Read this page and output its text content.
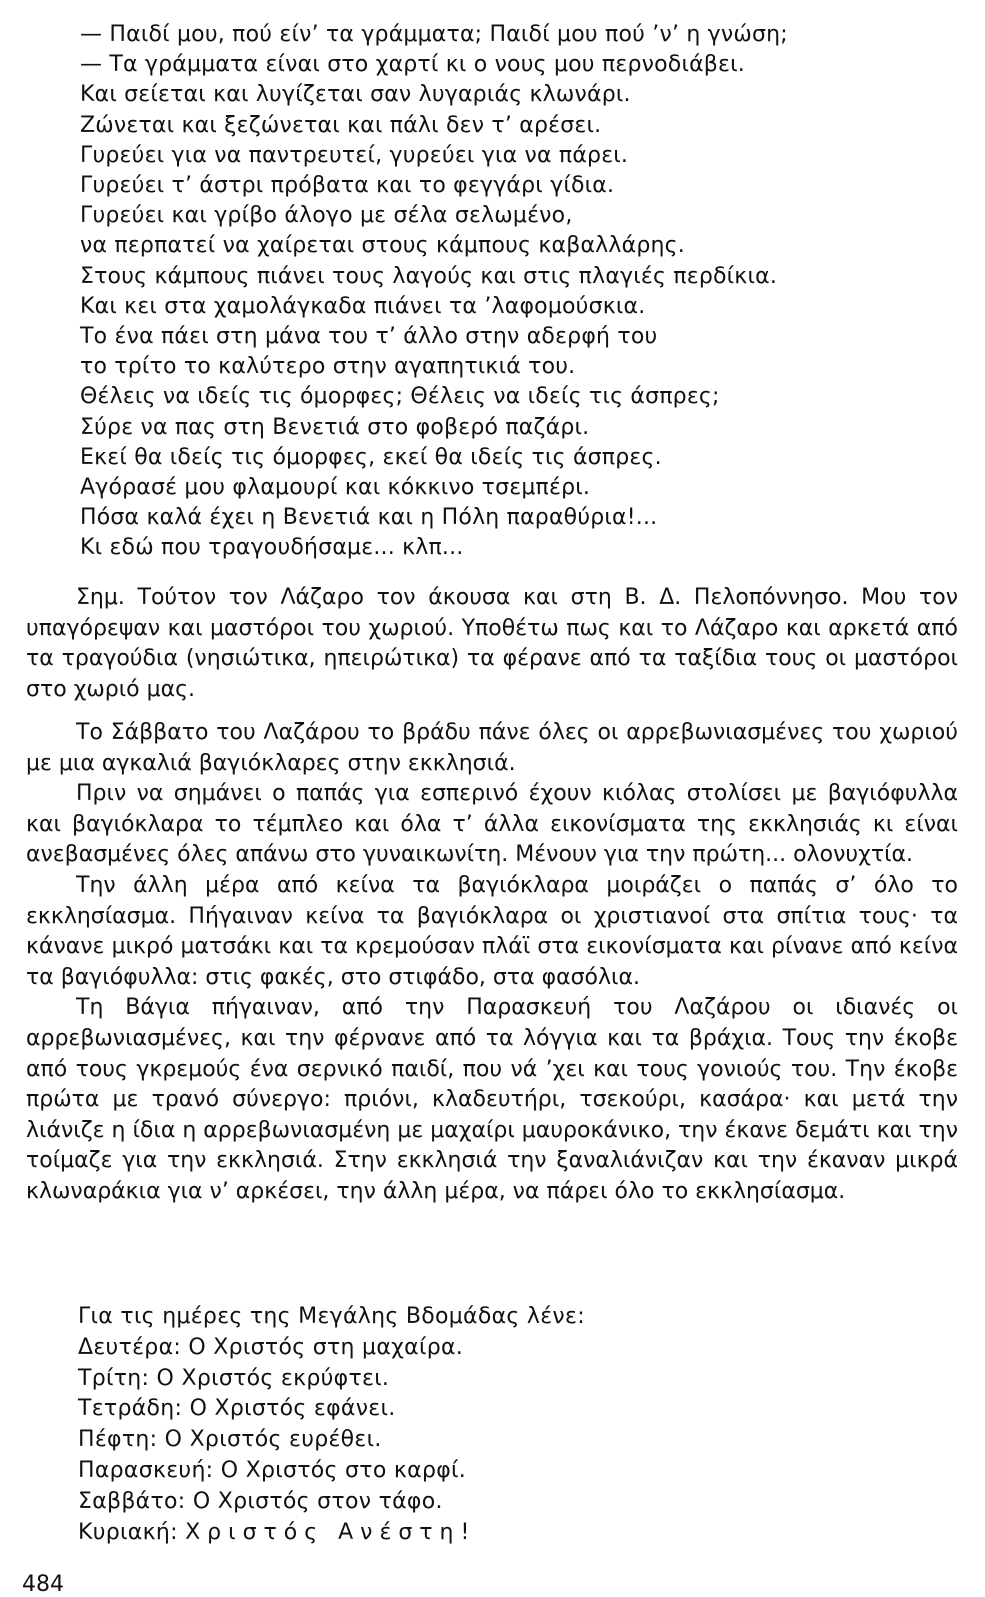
— Παιδί μου, πού είν’ τα γράμματα; Παιδί μου πού ’ν’ η γνώση;
— Τα γράμματα είναι στο χαρτί κι ο νους μου περνοδιάβει.
Και σείεται και λυγίζεται σαν λυγαριάς κλωνάρι.
Ζώνεται και ξεζώνεται και πάλι δεν τ’ αρέσει.
Γυρεύει για να παντρευτεί, γυρεύει για να πάρει.
Γυρεύει τ’ άστρι πρόβατα και το φεγγάρι γίδια.
Γυρεύει και γρίβο άλογο με σέλα σελωμένο,
να περπατεί να χαίρεται στους κάμπους καβαλλάρης.
Στους κάμπους πιάνει τους λαγούς και στις πλαγιές περδίκια.
Και κει στα χαμολάγκαδα πιάνει τα ’λαφομούσκια.
Το ένα πάει στη μάνα του τ’ άλλο στην αδερφή του
το τρίτο το καλύτερο στην αγαπητικιά του.
Θέλεις να ιδείς τις όμορφες; Θέλεις να ιδείς τις άσπρες;
Σύρε να πας στη Βενετιά στο φοβερό παζάρι.
Εκεί θα ιδείς τις όμορφες, εκεί θα ιδείς τις άσπρες.
Αγόρασέ μου φλαμουρί και κόκκινο τσεμπέρι.
Πόσα καλά έχει η Βενετιά και η Πόλη παραθύρια!...
Κι εδώ που τραγουδήσαμε... κλπ...

Σημ. Τούτον τον Λάζαρο τον άκουσα και στη Β. Δ. Πελοπόννησο. Μου τον υπαγόρεψαν και μαστόροι του χωριού. Υποθέτω πως και το Λάζαρο και αρκετά από τα τραγούδια (νησιώτικα, ηπειρώτικα) τα φέρανε από τα ταξίδια τους οι μαστόροι στο χωριό μας.

Το Σάββατο του Λαζάρου το βράδυ πάνε όλες οι αρρεβωνιασμένες του χωριού με μια αγκαλιά βαγιόκλαρες στην εκκλησιά.

Πριν να σημάνει ο παπάς για εσπερινό έχουν κιόλας στολίσει με βαγιόφυλλα και βαγιόκλαρα το τέμπλεο και όλα τ’ άλλα εικονίσματα της εκκλησιάς κι είναι ανεβασμένες όλες απάνω στο γυναικωνίτη. Μένουν για την πρώτη... ολονυχτία.

Την άλλη μέρα από κείνα τα βαγιόκλαρα μοιράζει ο παπάς σ’ όλο το εκκλησίασμα. Πήγαιναν κείνα τα βαγιόκλαρα οι χριστιανοί στα σπίτια τους· τα κάνανε μικρό ματσάκι και τα κρεμούσαν πλάϊ στα εικονίσματα και ρίνανε από κείνα τα βαγιόφυλλα: στις φακές, στο στιφάδο, στα φασόλια.

Τη Βάγια πήγαιναν, από την Παρασκευή του Λαζάρου οι ιδιανές οι αρρεβωνιασμένες, και την φέρνανε από τα λόγγια και τα βράχια. Τους την έκοβε από τους γκρεμούς ένα σερνικό παιδί, που νά ’χει και τους γονιούς του. Την έκοβε πρώτα με τρανό σύνεργο: πριόνι, κλαδευτήρι, τσεκούρι, κασάρα· και μετά την λιάνιζε η ίδια η αρρεβωνιασμένη με μαχαίρι μαυροκάνικο, την έκανε δεμάτι και την τοίμαζε για την εκκλησιά. Στην εκκλησιά την ξαναλιάνιζαν και την έκαναν μικρά κλωναράκια για ν’ αρκέσει, την άλλη μέρα, να πάρει όλο το εκκλησίασμα.

Για τις ημέρες της Μεγάλης Βδομάδας λένε:
Δευτέρα: Ο Χριστός στη μαχαίρα.
Τρίτη: Ο Χριστός εκρύφτει.
Τετράδη: Ο Χριστός εφάνει.
Πέφτη: Ο Χριστός ευρέθει.
Παρασκευή: Ο Χριστός στο καρφί.
Σαββάτο: Ο Χριστός στον τάφο.
Κυριακή: Χριστός Ανέστη!
484
